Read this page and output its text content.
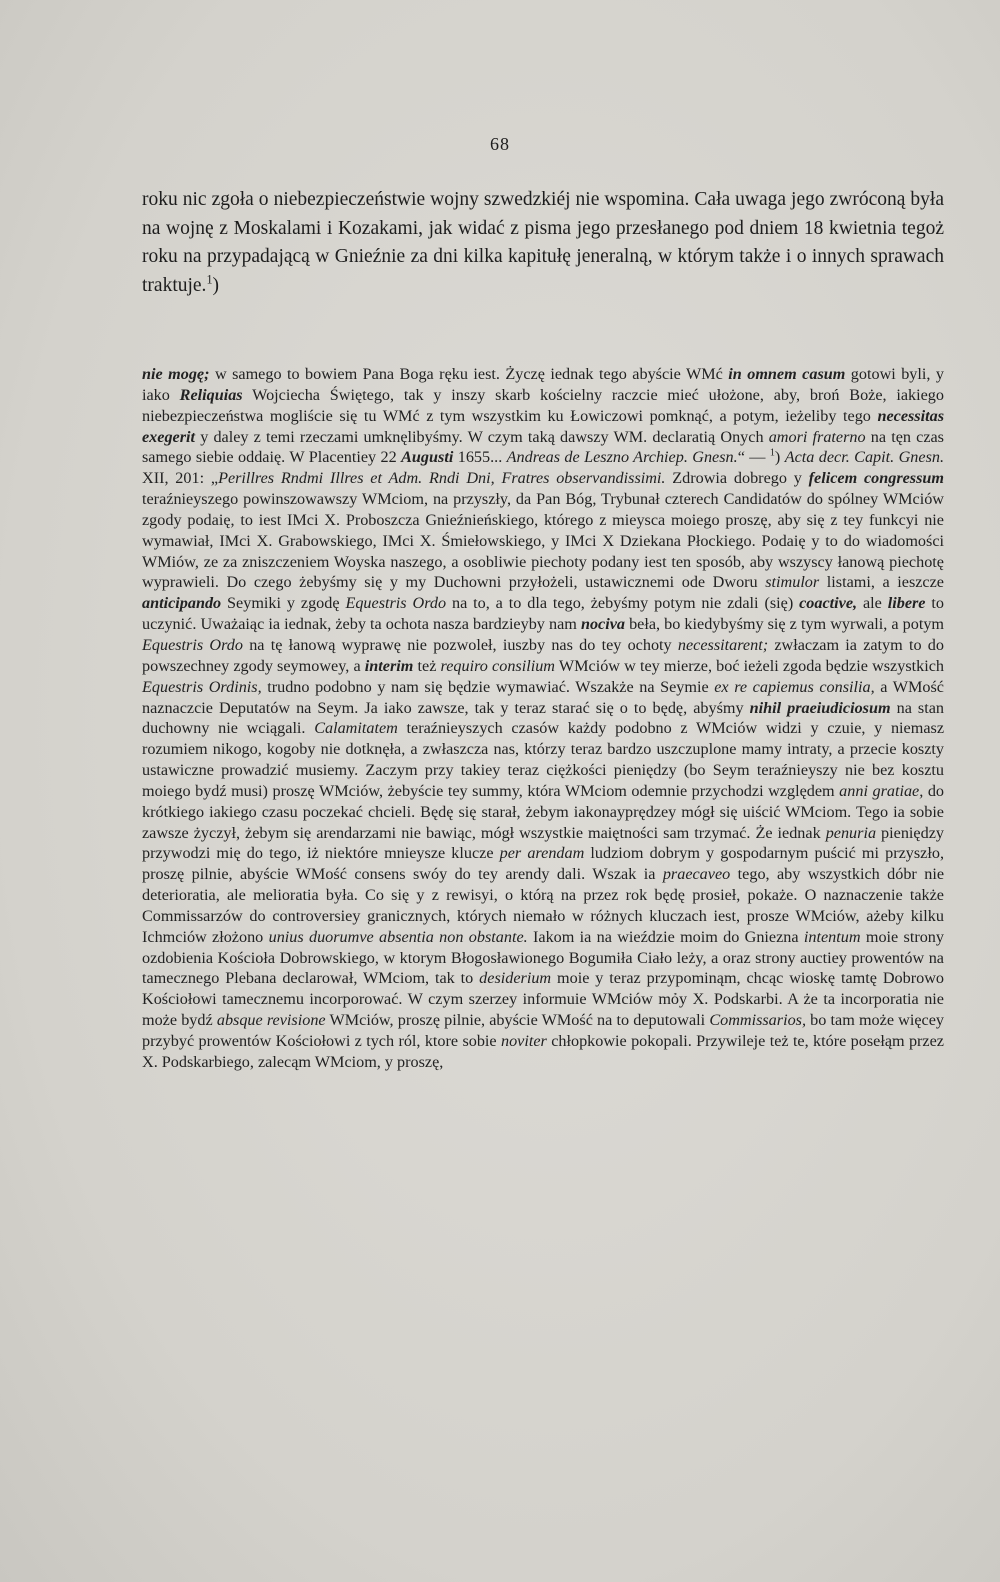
68

roku nic zgoła o niebezpieczeństwie wojny szwedzkiéj nie wspomina. Cała uwaga jego zwróconą była na wojnę z Moskalami i Kozakami, jak widać z pisma jego przesłanego pod dniem 18 kwietnia tegoż roku na przypadającą w Gnieźnie za dni kilka kapitułę jeneralną, w którym także i o innych sprawach traktuje.$^1$)

nie mogę; w samego to bowiem Pana Boga ręku iest. Życzę iednak tego abyście WMć in omnem casum gotowi byli, y iako Reliquias Wojciecha Świętego, tak y inszy skarb kościelny raczcie mieć ułożone, aby, broń Boże, iakiego niebezpieczeństwa mogliście się tu WMć z tym wszystkim ku Łowiczowi pomknąć, a potym, ieżeliby tego necessitas exegerit y daley z temi rzeczami umknęlibyśmy. W czym taką dawszy WM. declaratią Onych amori fraterno na tęn czas samego siebie oddaię. W Placentiey 22 Augusti 1655... Andreas de Leszno Archiep. Gnesn.“ — $^1$) Acta decr. Capit. Gnesn. XII, 201: „Perillres Rndmi Illres et Adm. Rndi Dni, Fratres observandissimi. Zdrowia dobrego y felicem congressum teraźnieyszego powinszowawszy WMciom, na przyszły, da Pan Bóg, Trybunał czterech Candidatów do spólney WMciów zgody podaię, to iest IMci X. Proboszcza Gnieźnieńskiego, którego z mieysca moiego proszę, aby się z tey funkcyi nie wymawiał, IMci X. Grabowskiego, IMci X. Śmiełowskiego, y IMci X Dziekana Płockiego. Podaię y to do wiadomości WMiów, ze za zniszczeniem Woyska naszego, a osobliwie piechoty podany iest ten sposób, aby wszyscy łanową piechotę wyprawieli. Do czego żebyśmy się y my Duchowni przyłożeli, ustawicznemi ode Dworu stimulor listami, a ieszcze anticipando Seymiki y zgodę Equestris Ordo na to, a to dla tego, żebyśmy potym nie zdali (się) coactive, ale libere to uczynić. Uważaiąc ia iednak, żeby ta ochota nasza bardzieyby nam nociva beła, bo kiedybyśmy się z tym wyrwali, a potym Equestris Ordo na tę łanową wyprawę nie pozwoleł, iuszby nas do tey ochoty necessitarent; zwłaczam ia zatym to do powszechney zgody seymowey, a interim też requiro consilium WMciów w tey mierze, boć ieżeli zgoda będzie wszystkich Equestris Ordinis, trudno podobno y nam się będzie wymawiać. Wszakże na Seymie ex re capiemus consilia, a WMość naznaczcie Deputatów na Seym. Ja iako zawsze, tak y teraz starać się o to będę, abyśmy nihil praeiudiciosum na stan duchowny nie wciągali. Calamitatem teraźnieyszych czasów każdy podobno z WMciów widzi y czuie, y niemasz rozumiem nikogo, kogoby nie dotknęła, a zwłaszcza nas, którzy teraz bardzo uszczuplone mamy intraty, a przecie koszty ustawiczne prowadzić musiemy. Zaczym przy takiey teraz ciężkości pieniędzy (bo Seym teraźnieyszy nie bez kosztu moiego bydź musi) proszę WMciów, żebyście tey summy, która WMciom odemnie przychodzi względem anni gratiae, do krótkiego iakiego czasu poczekać chcieli. Będę się starał, żebym iakonayprędzey mógł się uiścić WMciom. Tego ia sobie zawsze życzył, żebym się arendarzami nie bawiąc, mógł wszystkie maiętności sam trzymać. Że iednak penuria pieniędzy przywodzi mię do tego, iż niektóre mnieysze klucze per arendam ludziom dobrym y gospodarnym puścić mi przyszło, proszę pilnie, abyście WMość consens swóy do tey arendy dali. Wszak ia praecaveo tego, aby wszystkich dóbr nie deterioratia, ale melioratia była. Co się y z rewisyi, o którą na przez rok będę prosieł, pokaże. O naznaczenie także Commissarzów do controversiey granicznych, których niemało w różnych kluczach iest, prosze WMciów, ażeby kilku Ichmciów złożono unius duorumve absentia non obstante. Iakom ia na wieździe moim do Gniezna intentum moie strony ozdobienia Kościoła Dobrowskiego, w ktorym Błogosławionego Bogumiła Ciało leży, a oraz strony auctiey prowentów na tamecznego Plebana declarował, WMciom, tak to desiderium moie y teraz przypominąm, chcąc wioskę tamtę Dobrowo Kościołowi tamecznemu incorporować. W czym szerzey informuie WMciów mỏy X. Podskarbi. A że ta incorporatia nie może bydź absque revisione WMciów, proszę pilnie, abyście WMość na to deputowali Commissarios, bo tam może więcey przybyć prowentów Kościołowi z tych ról, ktore sobie noviter chłopkowie pokopali. Przywileje też te, które posełąm przez X. Podskarbiego, zalecąm WMciom, y proszę,
